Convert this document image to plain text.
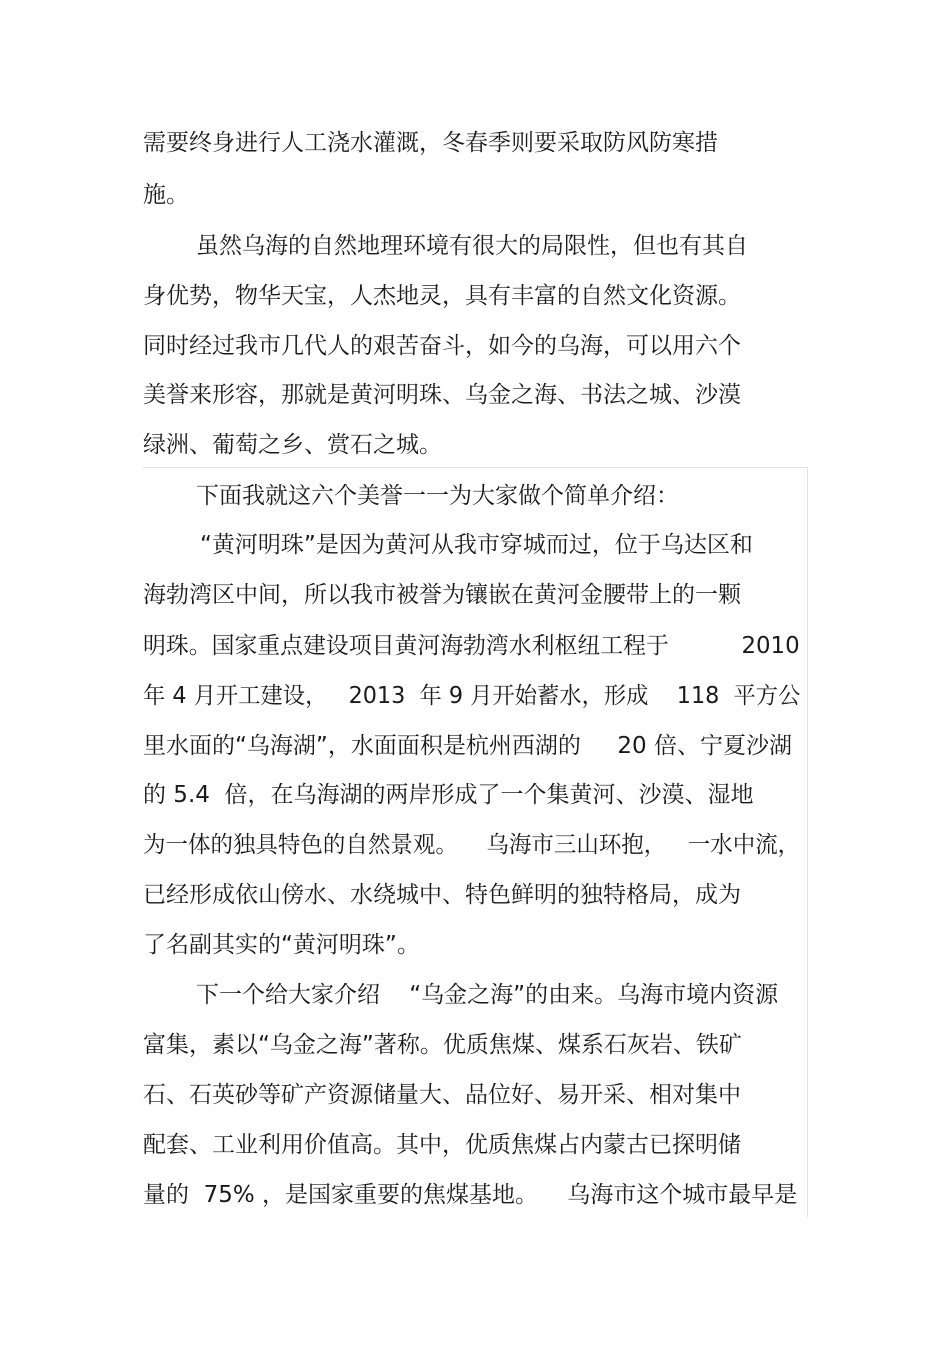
需要终身进行人工浇水灌溉，冬春季则要采取防风防寒措

施。

虽然乌海的自然地理环境有很大的局限性，但也有其自

身优势，物华天宝，人杰地灵，具有丰富的自然文化资源。

同时经过我市几代人的艰苦奋斗，如今的乌海，可以用六个

美誉来形容，那就是黄河明珠、乌金之海、书法之城、沙漠

绿洲、葡萄之乡、赏石之城。

下面我就这六个美誉一一为大家做个简单介绍：

“黄河明珠”是因为黄河从我市穿城而过，位于乌达区和

海勃湾区中间，所以我市被誉为镶嵌在黄河金腰带上的一颗

明珠。国家重点建设项目黄河海勃湾水利枢纽工程于          2010

年 4 月开工建设，   2013  年 9 月开始蓄水，形成    118  平方公

里水面的“乌海湖”，水面面积是杭州西湖的     20 倍、宁夏沙湖

的 5.4  倍，在乌海湖的两岸形成了一个集黄河、沙漠、湿地

为一体的独具特色的自然景观。    乌海市三山环抱，   一水中流，

已经形成依山傍水、水绕城中、特色鲜明的独特格局，成为

了名副其实的“黄河明珠”。

下一个给大家介绍    “乌金之海”的由来。乌海市境内资源

富集，素以“乌金之海”著称。优质焦煤、煤系石灰岩、铁矿

石、石英砂等矿产资源储量大、品位好、易开采、相对集中

配套、工业利用价值高。其中，优质焦煤占内蒙古已探明储

量的  75% ，是国家重要的焦煤基地。    乌海市这个城市最早是
